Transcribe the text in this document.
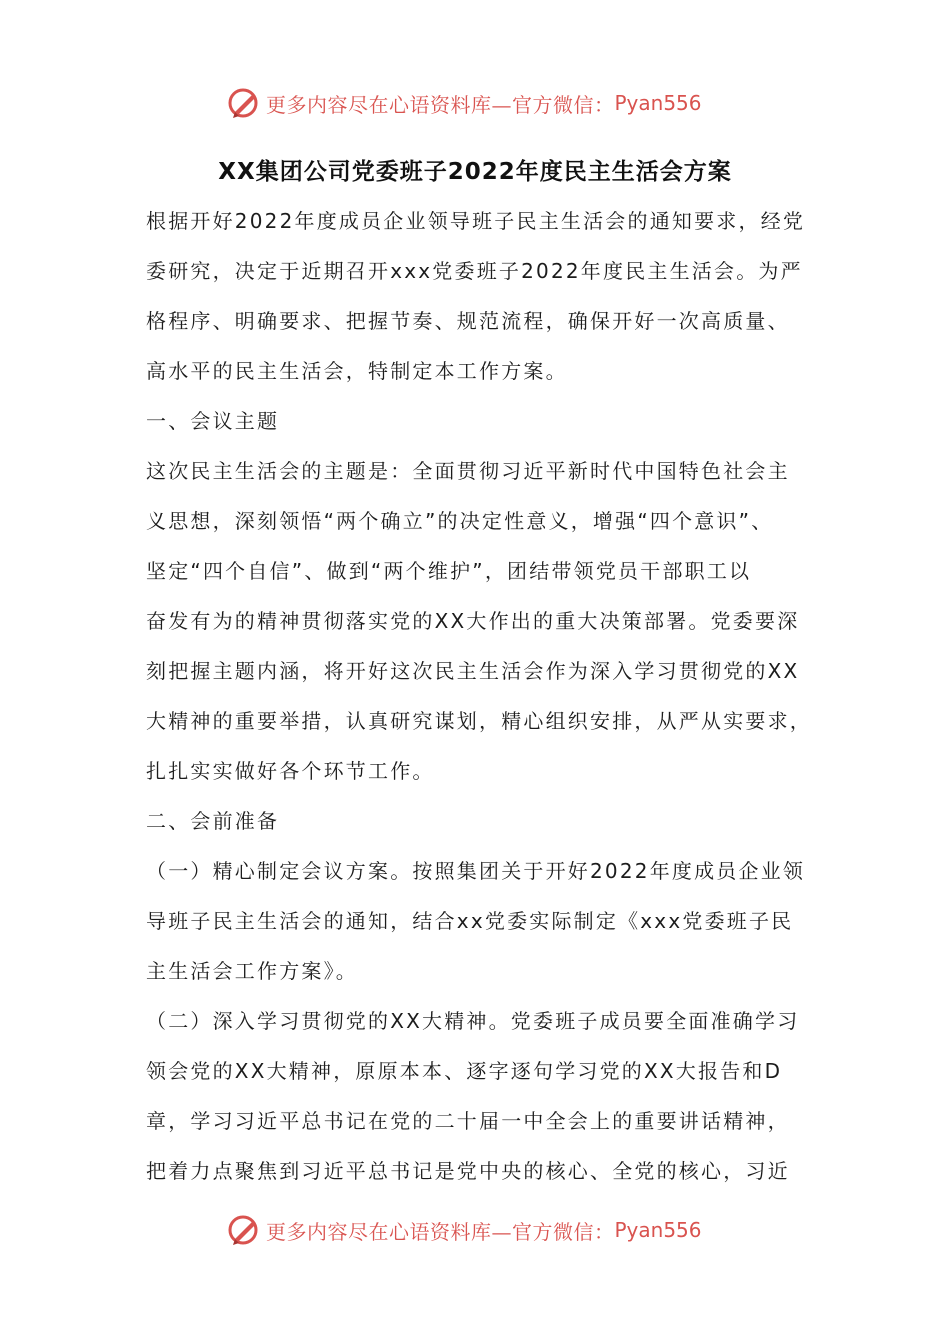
更多内容尽在心语资料库—官方微信： Pyan556
XX集团公司党委班子2022年度民主生活会方案
根据开好2022年度成员企业领导班子民主生活会的通知要求，经党
委研究，决定于近期召开xxx党委班子2022年度民主生活会。为严
格程序、明确要求、把握节奏、规范流程，确保开好一次高质量、
高水平的民主生活会，特制定本工作方案。
一、会议主题
这次民主生活会的主题是：全面贯彻习近平新时代中国特色社会主
义思想，深刻领悟“两个确立”的决定性意义，增强“四个意识”、
坚定“四个自信”、做到“两个维护”，团结带领党员干部职工以
奋发有为的精神贯彻落实党的XX大作出的重大决策部署。党委要深
刻把握主题内涵，将开好这次民主生活会作为深入学习贯彻党的XX
大精神的重要举措，认真研究谋划，精心组织安排，从严从实要求，
扎扎实实做好各个环节工作。
二、会前准备
（一）精心制定会议方案。按照集团关于开好2022年度成员企业领
导班子民主生活会的通知，结合xx党委实际制定《xxx党委班子民
主生活会工作方案》。
（二）深入学习贯彻党的XX大精神。党委班子成员要全面准确学习
领会党的XX大精神，原原本本、逐字逐句学习党的XX大报告和D
章，学习习近平总书记在党的二十届一中全会上的重要讲话精神，
把着力点聚焦到习近平总书记是党中央的核心、全党的核心，习近
更多内容尽在心语资料库—官方微信： Pyan556
